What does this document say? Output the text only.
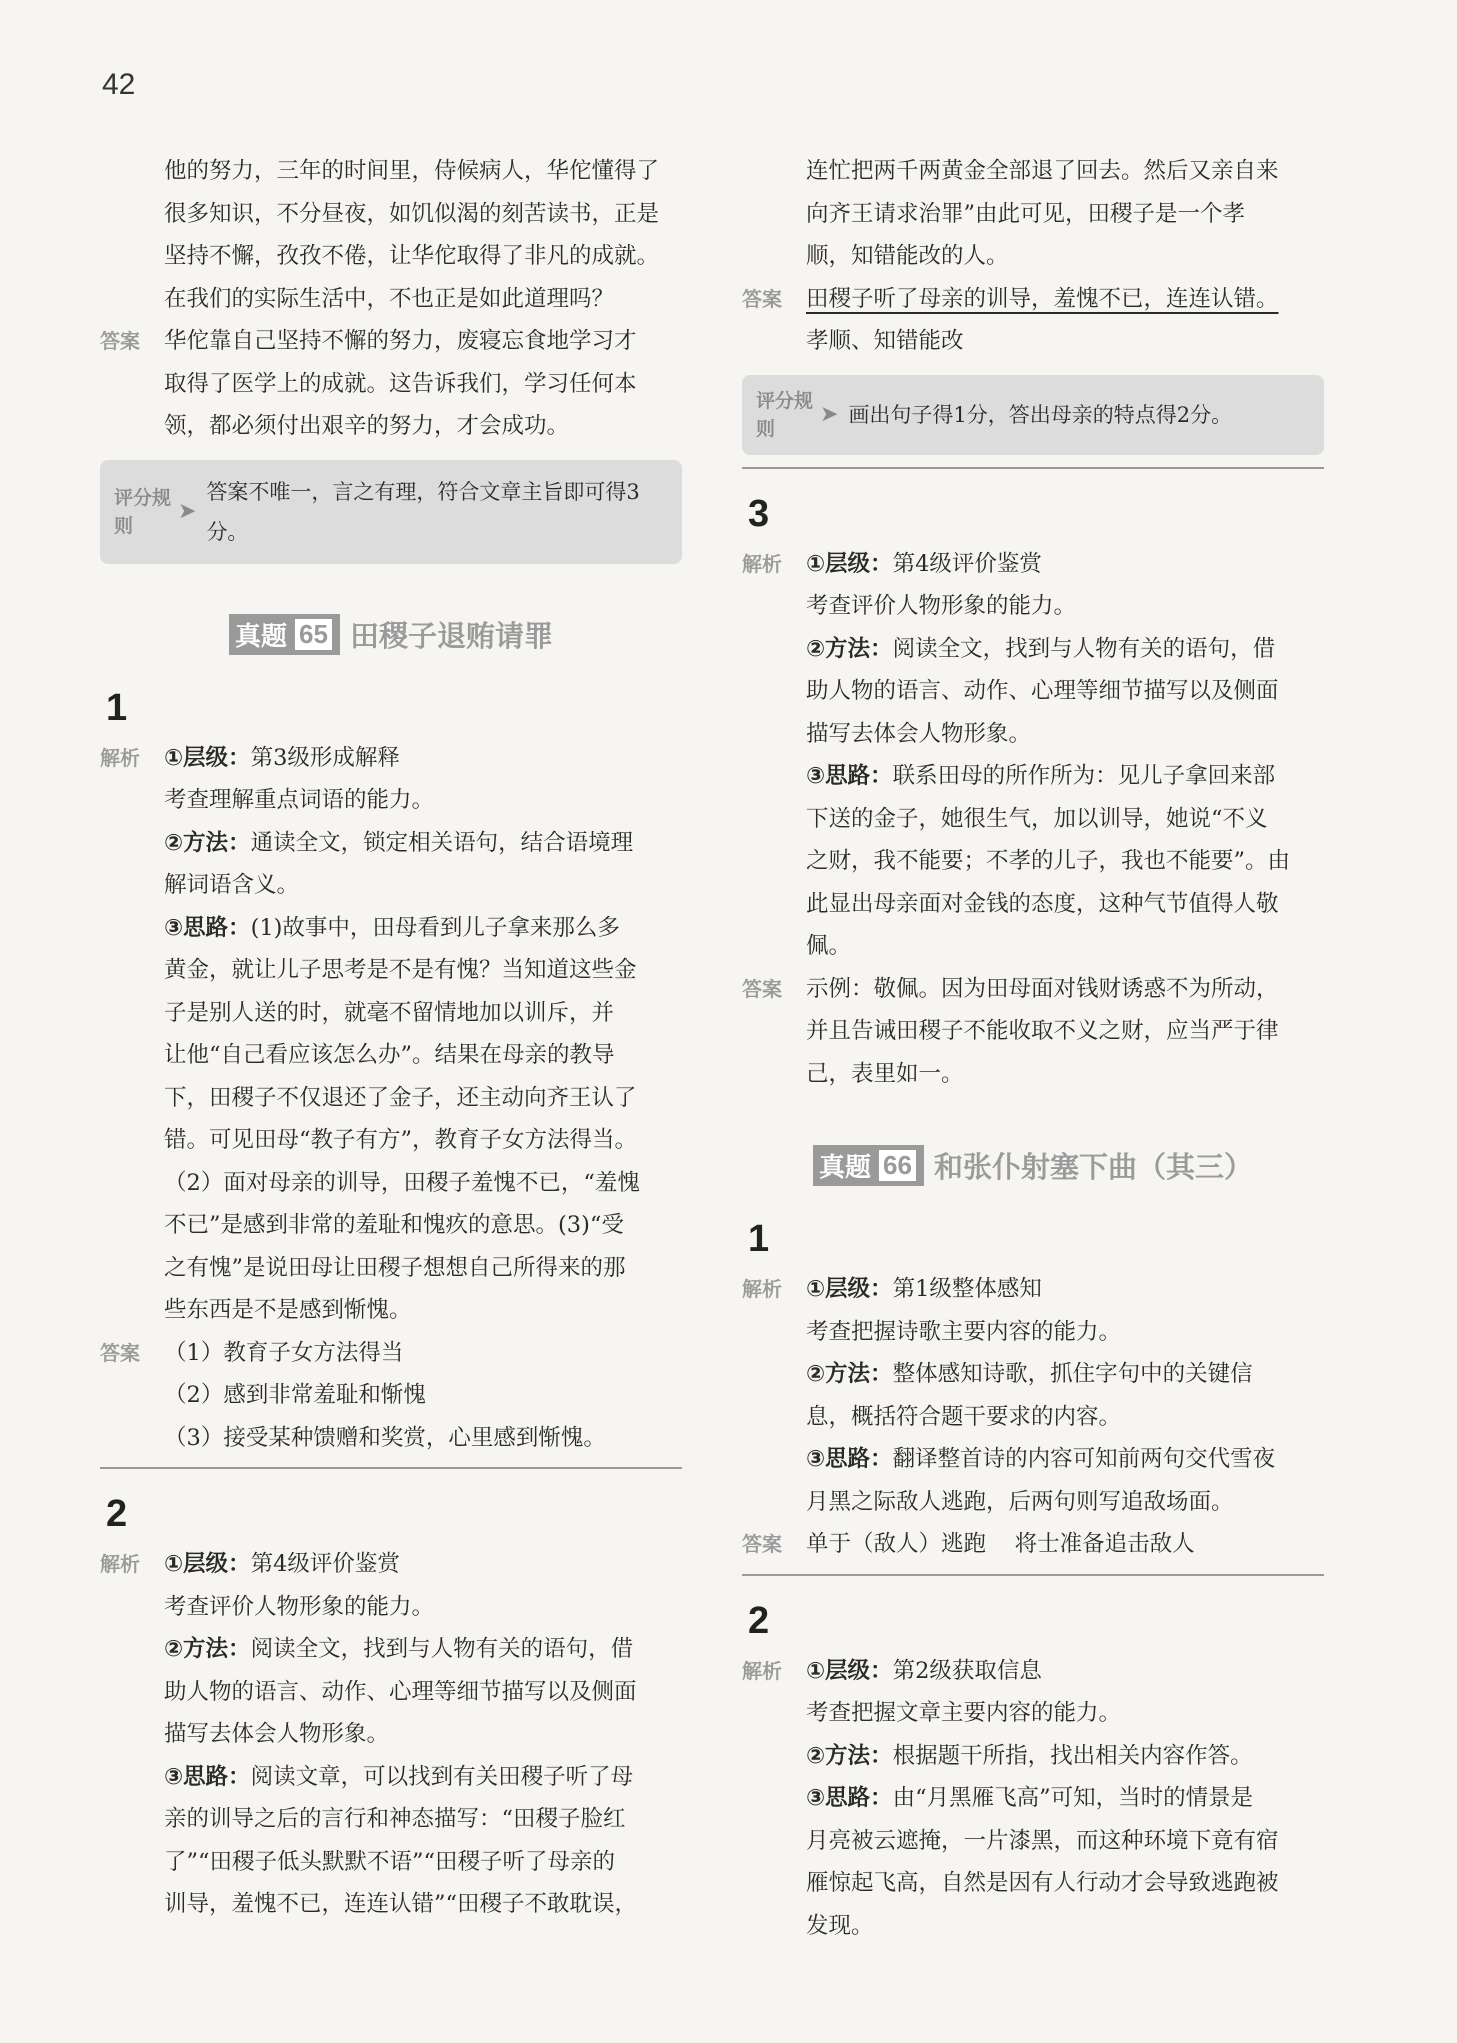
42
他的努力，三年的时间里，侍候病人，华佗懂得了
很多知识，不分昼夜，如饥似渴的刻苦读书，正是
坚持不懈，孜孜不倦，让华佗取得了非凡的成就。
在我们的实际生活中，不也正是如此道理吗？
答案	华佗靠自己坚持不懈的努力，废寝忘食地学习才
取得了医学上的成就。这告诉我们，学习任何本
领，都必须付出艰辛的努力，才会成功。
评分规则
➤
答案不唯一，言之有理，符合文章主旨即可得3分。
真题 65 田稷子退贿请罪
1
解析	①层级：第3级形成解释
考查理解重点词语的能力。
②方法：通读全文，锁定相关语句，结合语境理
解词语含义。
③思路：(1)故事中，田母看到儿子拿来那么多
黄金，就让儿子思考是不是有愧？当知道这些金
子是别人送的时，就毫不留情地加以训斥，并
让他“自己看应该怎么办”。结果在母亲的教导
下，田稷子不仅退还了金子，还主动向齐王认了
错。可见田母“教子有方”，教育子女方法得当。
（2）面对母亲的训导，田稷子羞愧不已，“羞愧
不已”是感到非常的羞耻和愧疚的意思。(3)“受
之有愧”是说田母让田稷子想想自己所得来的那
些东西是不是感到惭愧。
答案	（1）教育子女方法得当
（2）感到非常羞耻和惭愧
（3）接受某种馈赠和奖赏，心里感到惭愧。
2
解析	①层级：第4级评价鉴赏
考查评价人物形象的能力。
②方法：阅读全文，找到与人物有关的语句，借
助人物的语言、动作、心理等细节描写以及侧面
描写去体会人物形象。
③思路：阅读文章，可以找到有关田稷子听了母
亲的训导之后的言行和神态描写：“田稷子脸红
了”“田稷子低头默默不语”“田稷子听了母亲的
训导，羞愧不已，连连认错”“田稷子不敢耽误，
连忙把两千两黄金全部退了回去。然后又亲自来
向齐王请求治罪”由此可见，田稷子是一个孝
顺，知错能改的人。
答案	田稷子听了母亲的训导，羞愧不已，连连认错。
孝顺、知错能改
评分规则
➤ 画出句子得1分，答出母亲的特点得2分。
3
解析	①层级：第4级评价鉴赏
考查评价人物形象的能力。
②方法：阅读全文，找到与人物有关的语句，借
助人物的语言、动作、心理等细节描写以及侧面
描写去体会人物形象。
③思路：联系田母的所作所为：见儿子拿回来部
下送的金子，她很生气，加以训导，她说“不义
之财，我不能要；不孝的儿子，我也不能要”。由
此显出母亲面对金钱的态度，这种气节值得人敬
佩。
答案	示例：敬佩。因为田母面对钱财诱惑不为所动，
并且告诫田稷子不能收取不义之财，应当严于律
己，表里如一。
真题 66 和张仆射塞下曲（其三）
1
解析	①层级：第1级整体感知
考查把握诗歌主要内容的能力。
②方法：整体感知诗歌，抓住字句中的关键信
息，概括符合题干要求的内容。
③思路：翻译整首诗的内容可知前两句交代雪夜
月黑之际敌人逃跑，后两句则写追敌场面。
答案	单于（敌人）逃跑    将士准备追击敌人
2
解析	①层级：第2级获取信息
考查把握文章主要内容的能力。
②方法：根据题干所指，找出相关内容作答。
③思路：由“月黑雁飞高”可知，当时的情景是
月亮被云遮掩，一片漆黑，而这种环境下竟有宿
雁惊起飞高，自然是因有人行动才会导致逃跑被
发现。
